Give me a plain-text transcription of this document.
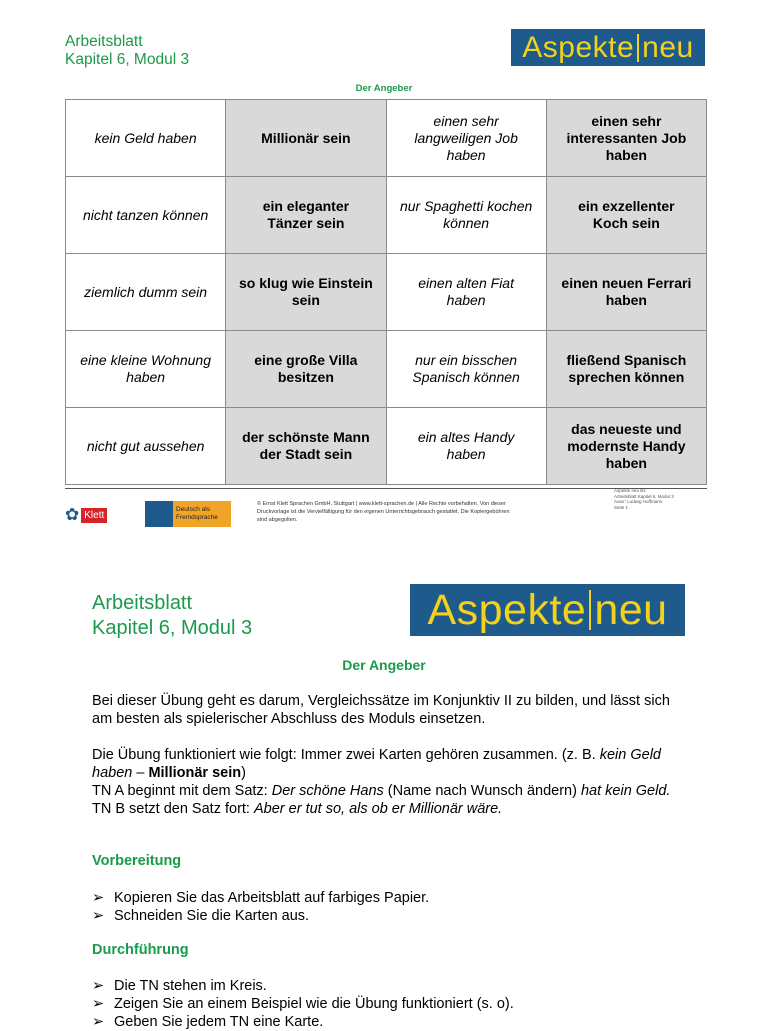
Arbeitsblatt
Kapitel 6, Modul 3	Aspekte neu
Der Angeber
kein Geld haben	Millionär sein	einen sehr langweiligen Job haben	einen sehr interessanten Job haben
nicht tanzen können	ein eleganter Tänzer sein	nur Spaghetti kochen können	ein exzellenter Koch sein
ziemlich dumm sein	so klug wie Einstein sein	einen alten Fiat haben	einen neuen Ferrari haben
eine kleine Wohnung haben	eine große Villa besitzen	nur ein bisschen Spanisch können	fließend Spanisch sprechen können
nicht gut aussehen	der schönste Mann der Stadt sein	ein altes Handy haben	das neueste und modernste Handy haben
Aspekte neu B2
Arbeitsblatt Kapitel 6, Modul 3
Autor: Ludwig Hoffmann
Seite 1
✿ Klett	Deutsch als Fremdsprache
© Ernst Klett Sprachen GmbH, Stuttgart | www.klett-sprachen.de | Alle Rechte vorbehalten. Von dieser Druckvorlage ist die Vervielfältigung für den eigenen Unterrichtsgebrauch gestattet. Die Kopiergebühren sind abgegolten.
Arbeitsblatt
Kapitel 6, Modul 3	Aspekte neu
Der Angeber

Bei dieser Übung geht es darum, Vergleichssätze im Konjunktiv II zu bilden, und lässt sich am besten als spielerischer Abschluss des Moduls einsetzen.

Die Übung funktioniert wie folgt: Immer zwei Karten gehören zusammen. (z. B. kein Geld haben – Millionär sein)

TN A beginnt mit dem Satz: Der schöne Hans (Name nach Wunsch ändern) hat kein Geld.

TN B setzt den Satz fort: Aber er tut so, als ob er Millionär wäre.

Vorbereitung
➢ Kopieren Sie das Arbeitsblatt auf farbiges Papier.
➢ Schneiden Sie die Karten aus.
Durchführung
➢ Die TN stehen im Kreis.
➢ Zeigen Sie an einem Beispiel wie die Übung funktioniert (s. o).
➢ Geben Sie jedem TN eine Karte.
